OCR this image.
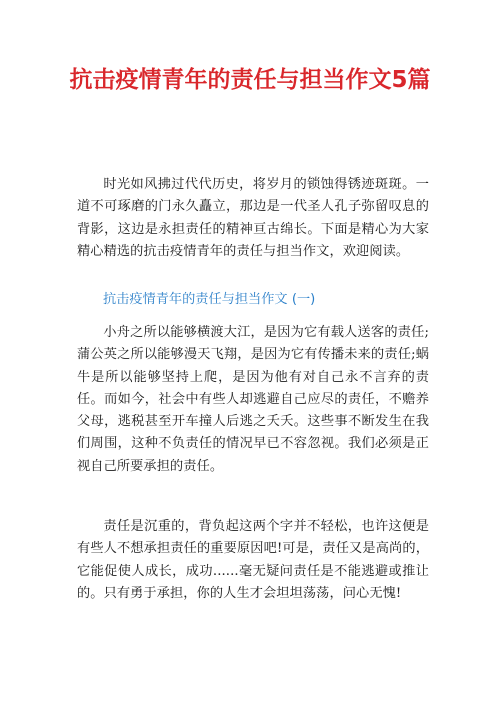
抗击疫情青年的责任与担当作文5篇

时光如风拂过代代历史，将岁月的锁蚀得锈迹斑斑。一道不可琢磨的门永久矗立，那边是一代圣人孔子弥留叹息的背影，这边是永担责任的精神亘古绵长。下面是精心为大家精心精选的抗击疫情青年的责任与担当作文，欢迎阅读。

抗击疫情青年的责任与担当作文 (一)

小舟之所以能够横渡大江，是因为它有载人送客的责任;蒲公英之所以能够漫天飞翔，是因为它有传播未来的责任;蜗牛是所以能够坚持上爬，是因为他有对自己永不言弃的责任。而如今，社会中有些人却逃避自己应尽的责任，不赡养父母，逃税甚至开车撞人后逃之夭夭。这些事不断发生在我们周围，这种不负责任的情况早已不容忽视。我们必须是正视自己所要承担的责任。

责任是沉重的，背负起这两个字并不轻松，也许这便是有些人不想承担责任的重要原因吧!可是，责任又是高尚的，它能促使人成长，成功......毫无疑问责任是不能逃避或推让的。只有勇于承担，你的人生才会坦坦荡荡，问心无愧!
